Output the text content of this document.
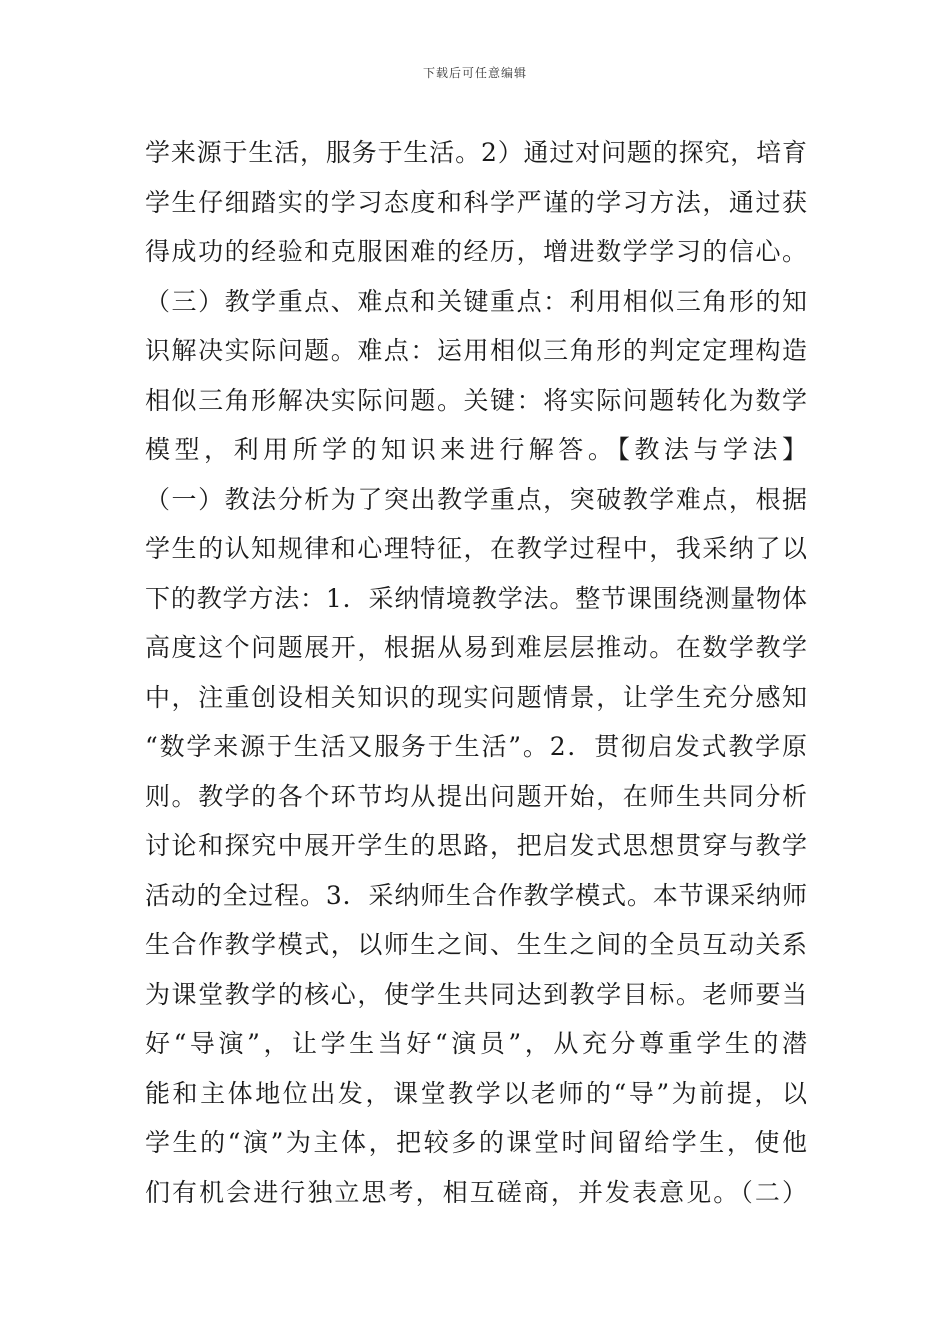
下载后可任意编辑
学来源于生活，服务于生活。2）通过对问题的探究，培育
学生仔细踏实的学习态度和科学严谨的学习方法，通过获
得成功的经验和克服困难的经历，增进数学学习的信心。
（三）教学重点、难点和关键重点：利用相似三角形的知
识解决实际问题。难点：运用相似三角形的判定定理构造
相似三角形解决实际问题。关键：将实际问题转化为数学
模型，利用所学的知识来进行解答。【教法与学法】
（一）教法分析为了突出教学重点，突破教学难点，根据
学生的认知规律和心理特征，在教学过程中，我采纳了以
下的教学方法：1．采纳情境教学法。整节课围绕测量物体
高度这个问题展开，根据从易到难层层推动。在数学教学
中，注重创设相关知识的现实问题情景，让学生充分感知
“数学来源于生活又服务于生活”。2．贯彻启发式教学原
则。教学的各个环节均从提出问题开始，在师生共同分析
讨论和探究中展开学生的思路，把启发式思想贯穿与教学
活动的全过程。3．采纳师生合作教学模式。本节课采纳师
生合作教学模式，以师生之间、生生之间的全员互动关系
为课堂教学的核心，使学生共同达到教学目标。老师要当
好“导演”，让学生当好“演员”，从充分尊重学生的潜
能和主体地位出发，课堂教学以老师的“导”为前提，以
学生的“演”为主体，把较多的课堂时间留给学生，使他
们有机会进行独立思考，相互磋商，并发表意见。（二）
